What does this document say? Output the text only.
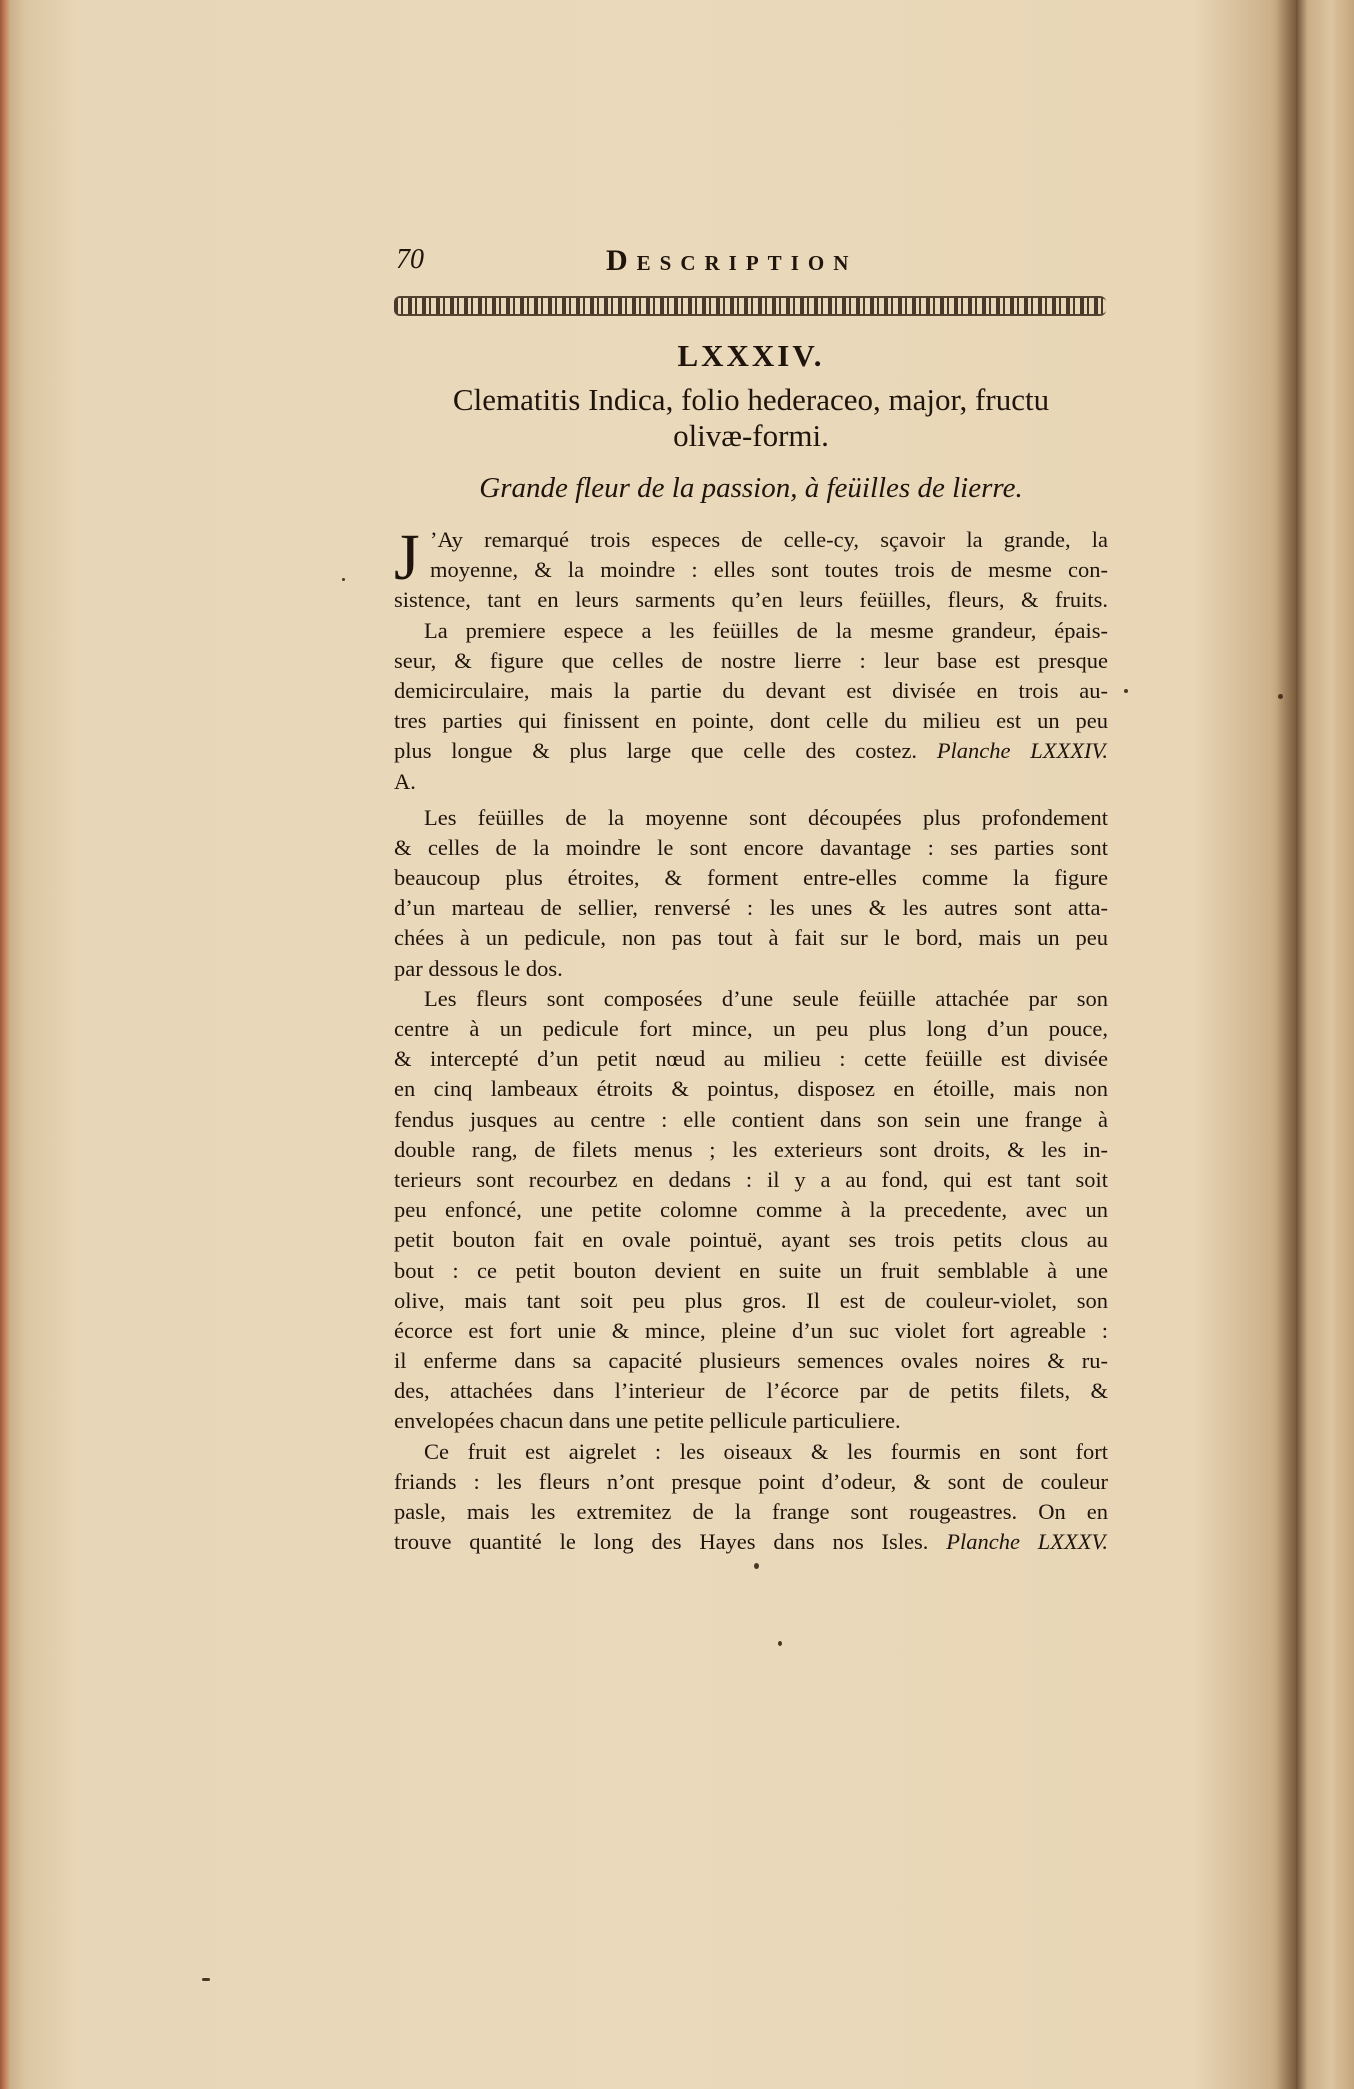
70	Description
LXXXIV.
Clematitis Indica, folio hederaceo, major, fructu
olivæ-formi.
Grande fleur de la passion, à feüilles de lierre.
J ’Ay remarqué trois especes de celle-cy, sçavoir la grande, la
moyenne, & la moindre : elles sont toutes trois de mesme con-
sistence, tant en leurs sarments qu’en leurs feüilles, fleurs, & fruits.
La premiere espece a les feüilles de la mesme grandeur, épais-
seur, & figure que celles de nostre lierre : leur base est presque
demicirculaire, mais la partie du devant est divisée en trois au-
tres parties qui finissent en pointe, dont celle du milieu est un peu
plus longue & plus large que celle des costez. Planche LXXXIV.
A.
Les feüilles de la moyenne sont découpées plus profondement
& celles de la moindre le sont encore davantage : ses parties sont
beaucoup plus étroites, & forment entre-elles comme la figure
d’un marteau de sellier, renversé : les unes & les autres sont atta-
chées à un pedicule, non pas tout à fait sur le bord, mais un peu
par dessous le dos.
Les fleurs sont composées d’une seule feüille attachée par son
centre à un pedicule fort mince, un peu plus long d’un pouce,
& intercepté d’un petit nœud au milieu : cette feüille est divisée
en cinq lambeaux étroits & pointus, disposez en étoille, mais non
fendus jusques au centre : elle contient dans son sein une frange à
double rang, de filets menus ; les exterieurs sont droits, & les in-
terieurs sont recourbez en dedans : il y a au fond, qui est tant soit
peu enfoncé, une petite colomne comme à la precedente, avec un
petit bouton fait en ovale pointuë, ayant ses trois petits clous au
bout : ce petit bouton devient en suite un fruit semblable à une
olive, mais tant soit peu plus gros. Il est de couleur-violet, son
écorce est fort unie & mince, pleine d’un suc violet fort agreable :
il enferme dans sa capacité plusieurs semences ovales noires & ru-
des, attachées dans l’interieur de l’écorce par de petits filets, &
envelopées chacun dans une petite pellicule particuliere.
Ce fruit est aigrelet : les oiseaux & les fourmis en sont fort
friands : les fleurs n’ont presque point d’odeur, & sont de couleur
pasle, mais les extremitez de la frange sont rougeastres. On en
trouve quantité le long des Hayes dans nos Isles. Planche LXXXV.
